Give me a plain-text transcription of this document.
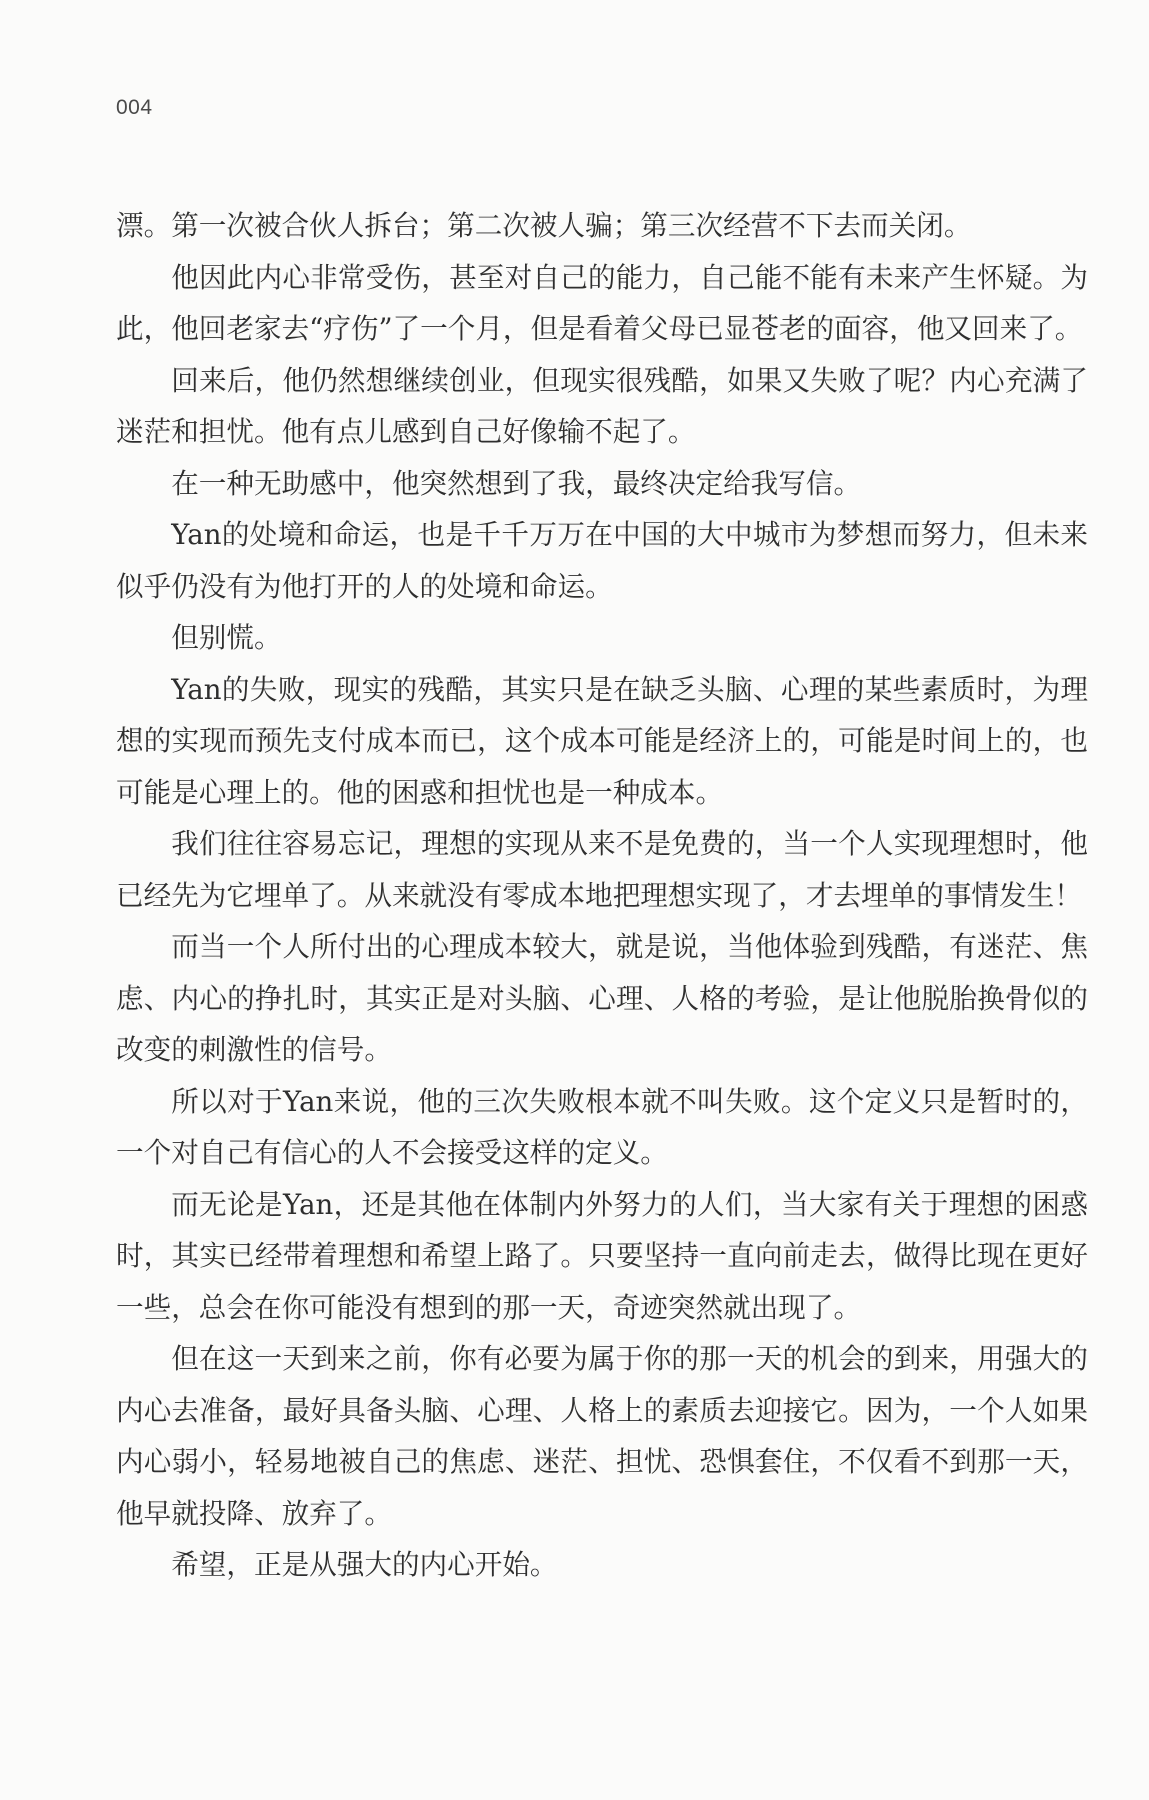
004

漂。第一次被合伙人拆台；第二次被人骗；第三次经营不下去而关闭。

他因此内心非常受伤，甚至对自己的能力，自己能不能有未来产生怀疑。为此，他回老家去“疗伤”了一个月，但是看着父母已显苍老的面容，他又回来了。

回来后，他仍然想继续创业，但现实很残酷，如果又失败了呢？内心充满了迷茫和担忧。他有点儿感到自己好像输不起了。

在一种无助感中，他突然想到了我，最终决定给我写信。

Yan的处境和命运，也是千千万万在中国的大中城市为梦想而努力，但未来似乎仍没有为他打开的人的处境和命运。

但别慌。

Yan的失败，现实的残酷，其实只是在缺乏头脑、心理的某些素质时，为理想的实现而预先支付成本而已，这个成本可能是经济上的，可能是时间上的，也可能是心理上的。他的困惑和担忧也是一种成本。

我们往往容易忘记，理想的实现从来不是免费的，当一个人实现理想时，他已经先为它埋单了。从来就没有零成本地把理想实现了，才去埋单的事情发生！

而当一个人所付出的心理成本较大，就是说，当他体验到残酷，有迷茫、焦虑、内心的挣扎时，其实正是对头脑、心理、人格的考验，是让他脱胎换骨似的改变的刺激性的信号。

所以对于Yan来说，他的三次失败根本就不叫失败。这个定义只是暂时的，一个对自己有信心的人不会接受这样的定义。

而无论是Yan，还是其他在体制内外努力的人们，当大家有关于理想的困惑时，其实已经带着理想和希望上路了。只要坚持一直向前走去，做得比现在更好一些，总会在你可能没有想到的那一天，奇迹突然就出现了。

但在这一天到来之前，你有必要为属于你的那一天的机会的到来，用强大的内心去准备，最好具备头脑、心理、人格上的素质去迎接它。因为，一个人如果内心弱小，轻易地被自己的焦虑、迷茫、担忧、恐惧套住，不仅看不到那一天，他早就投降、放弃了。

希望，正是从强大的内心开始。
